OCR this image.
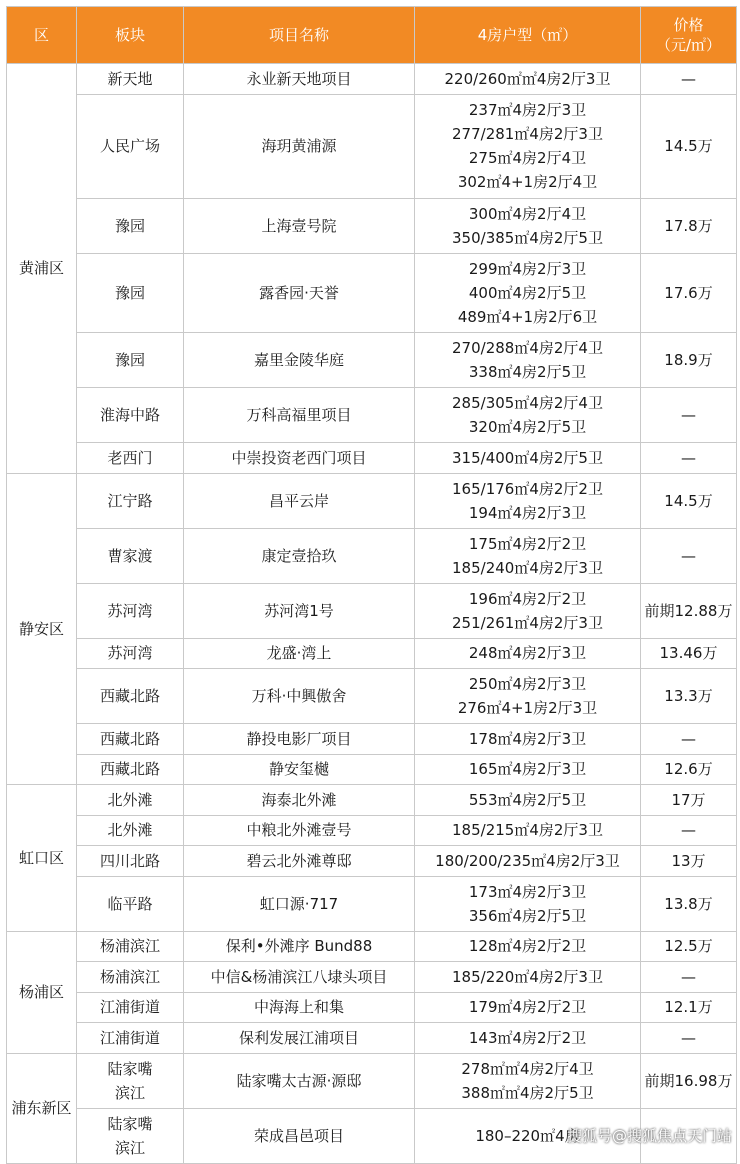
区	板块	项目名称	4房户型（㎡）	价格
（元/㎡）

黄浦区	新天地	永业新天地项目	220/260㎡㎡4房2厅3卫	—

	人民广场	海玥黄浦源	237㎡4房2厅3卫
277/281㎡4房2厅3卫
275㎡4房2厅4卫
302㎡4+1房2厅4卫	14.5万

	豫园	上海壹号院	300㎡4房2厅4卫
350/385㎡4房2厅5卫	17.8万

	豫园	露香园·天誉	299㎡4房2厅3卫
400㎡4房2厅5卫
489㎡4+1房2厅6卫	17.6万

	豫园	嘉里金陵华庭	270/288㎡4房2厅4卫
338㎡4房2厅5卫	18.9万

	淮海中路	万科高福里项目	285/305㎡4房2厅4卫
320㎡4房2厅5卫	—

	老西门	中崇投资老西门项目	315/400㎡4房2厅5卫	—
静安区	江宁路	昌平云岸	165/176㎡4房2厅2卫
194㎡4房2厅3卫	14.5万

	曹家渡	康定壹拾玖	175㎡4房2厅2卫
185/240㎡4房2厅3卫	—

	苏河湾	苏河湾1号	196㎡4房2厅2卫
251/261㎡4房2厅3卫	前期12.88万

	苏河湾	龙盛·湾上	248㎡4房2厅3卫	13.46万

	西藏北路	万科·中興傲舍	250㎡4房2厅3卫
276㎡4+1房2厅3卫	13.3万

	西藏北路	静投电影厂项目	178㎡4房2厅3卫	—

	西藏北路	静安玺樾	165㎡4房2厅3卫	12.6万
虹口区	北外滩	海泰北外滩	553㎡4房2厅5卫	17万

	北外滩	中粮北外滩壹号	185/215㎡4房2厅3卫	—

	四川北路	碧云北外滩尊邸	180/200/235㎡4房2厅3卫	13万

	临平路	虹口源·717	173㎡4房2厅3卫
356㎡4房2厅5卫	13.8万
杨浦区	杨浦滨江	保利•外滩序 Bund88	128㎡4房2厅2卫	12.5万

	杨浦滨江	中信&杨浦滨江八埭头项目	185/220㎡4房2厅3卫	—

	江浦街道	中海海上和集	179㎡4房2厅2卫	12.1万

	江浦街道	保利发展江浦项目	143㎡4房2厅2卫	—
浦东新区	陆家嘴
滨江	陆家嘴太古源·源邸	278㎡㎡4房2厅4卫
388㎡㎡4房2厅5卫	前期16.98万

	陆家嘴
滨江	荣成昌邑项目	180–220㎡4房	

搜狐号@搜狐焦点天门站
